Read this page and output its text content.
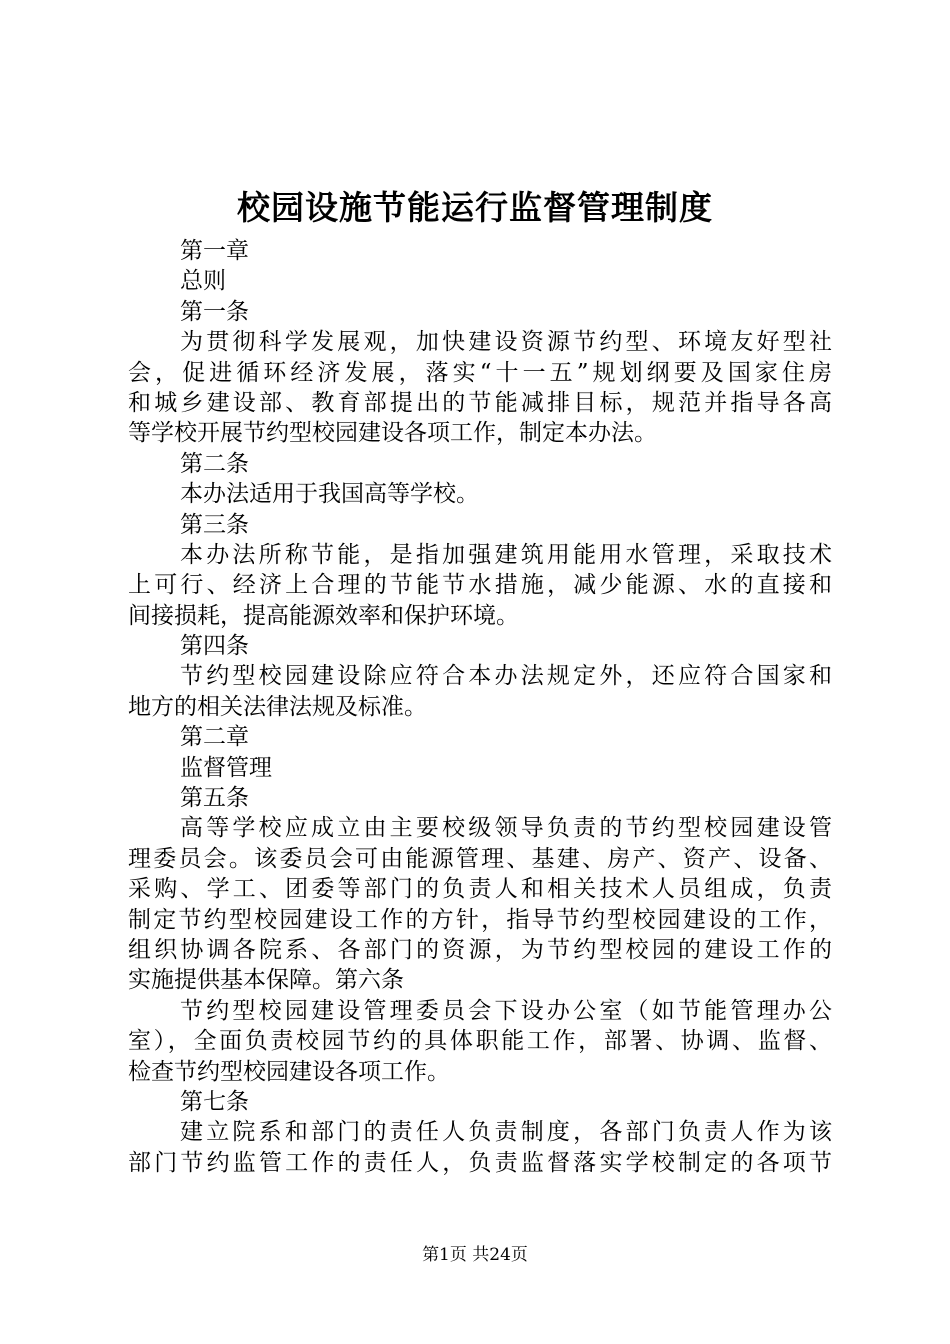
校园设施节能运行监督管理制度
第一章
总则
第一条
为贯彻科学发展观，加快建设资源节约型、环境友好型社
会，促进循环经济发展，落实“十一五”规划纲要及国家住房
和城乡建设部、教育部提出的节能减排目标，规范并指导各高
等学校开展节约型校园建设各项工作，制定本办法。
第二条
本办法适用于我国高等学校。
第三条
本办法所称节能，是指加强建筑用能用水管理，采取技术
上可行、经济上合理的节能节水措施，减少能源、水的直接和
间接损耗，提高能源效率和保护环境。
第四条
节约型校园建设除应符合本办法规定外，还应符合国家和
地方的相关法律法规及标准。
第二章
监督管理
第五条
高等学校应成立由主要校级领导负责的节约型校园建设管
理委员会。该委员会可由能源管理、基建、房产、资产、设备、
采购、学工、团委等部门的负责人和相关技术人员组成，负责
制定节约型校园建设工作的方针，指导节约型校园建设的工作，
组织协调各院系、各部门的资源，为节约型校园的建设工作的
实施提供基本保障。第六条
节约型校园建设管理委员会下设办公室（如节能管理办公
室），全面负责校园节约的具体职能工作，部署、协调、监督、
检查节约型校园建设各项工作。
第七条
建立院系和部门的责任人负责制度，各部门负责人作为该
部门节约监管工作的责任人，负责监督落实学校制定的各项节
第1页 共24页
